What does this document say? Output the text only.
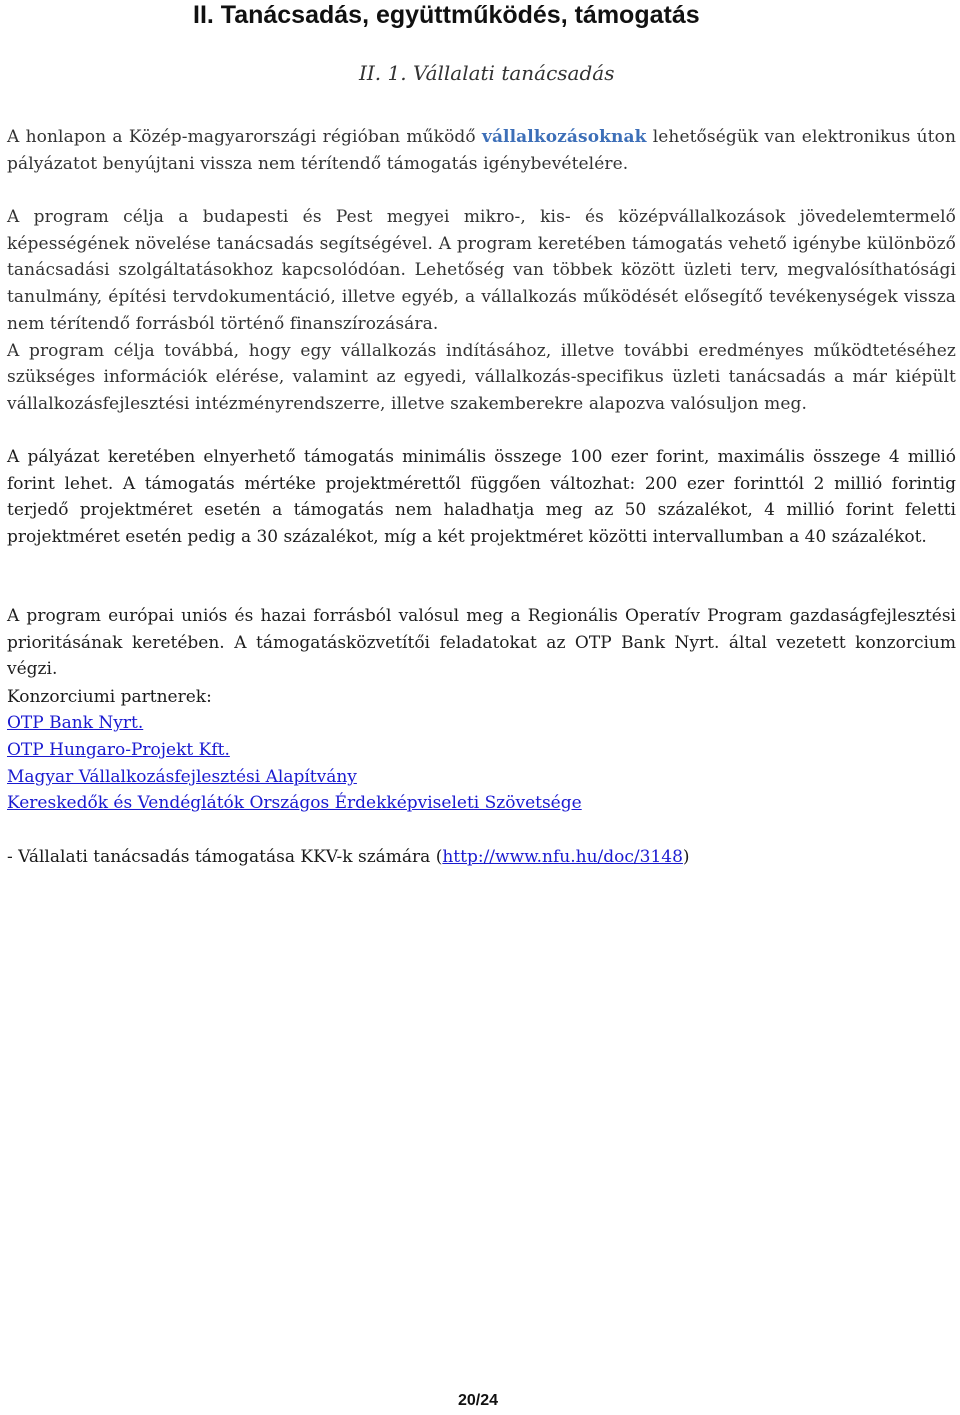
II. Tanácsadás, együttműködés, támogatás
II. 1. Vállalati tanácsadás

A honlapon a Közép-magyarországi régióban működő vállalkozásoknak lehetőségük van elektronikus úton pályázatot benyújtani vissza nem térítendő támogatás igénybevételére.

A program célja a budapesti és Pest megyei mikro-, kis- és középvállalkozások jövedelemtermelő képességének növelése tanácsadás segítségével. A program keretében támogatás vehető igénybe különböző tanácsadási szolgáltatásokhoz kapcsolódóan. Lehetőség van többek között üzleti terv, megvalósíthatósági tanulmány, építési tervdokumentáció, illetve egyéb, a vállalkozás működését elősegítő tevékenységek vissza nem térítendő forrásból történő finanszírozására.
A program célja továbbá, hogy egy vállalkozás indításához, illetve további eredményes működtetéséhez szükséges információk elérése, valamint az egyedi, vállalkozás-specifikus üzleti tanácsadás a már kiépült vállalkozásfejlesztési intézményrendszerre, illetve szakemberekre alapozva valósuljon meg.

A pályázat keretében elnyerhető támogatás minimális összege 100 ezer forint, maximális összege 4 millió forint lehet. A támogatás mértéke projektmérettől függően változhat: 200 ezer forinttól 2 millió forintig terjedő projektméret esetén a támogatás nem haladhatja meg az 50 százalékot, 4 millió forint feletti projektméret esetén pedig a 30 százalékot, míg a két projektméret közötti intervallumban a 40 százalékot.

A program európai uniós és hazai forrásból valósul meg a Regionális Operatív Program gazdaságfejlesztési prioritásának keretében. A támogatásközvetítői feladatokat az OTP Bank Nyrt. által vezetett konzorcium végzi.

Konzorciumi partnerek:

OTP Bank Nyrt.

OTP Hungaro-Projekt Kft.

Magyar Vállalkozásfejlesztési Alapítvány

Kereskedők és Vendéglátók Országos Érdekképviseleti Szövetsége

- Vállalati tanácsadás támogatása KKV-k számára (http://www.nfu.hu/doc/3148)

20/24
